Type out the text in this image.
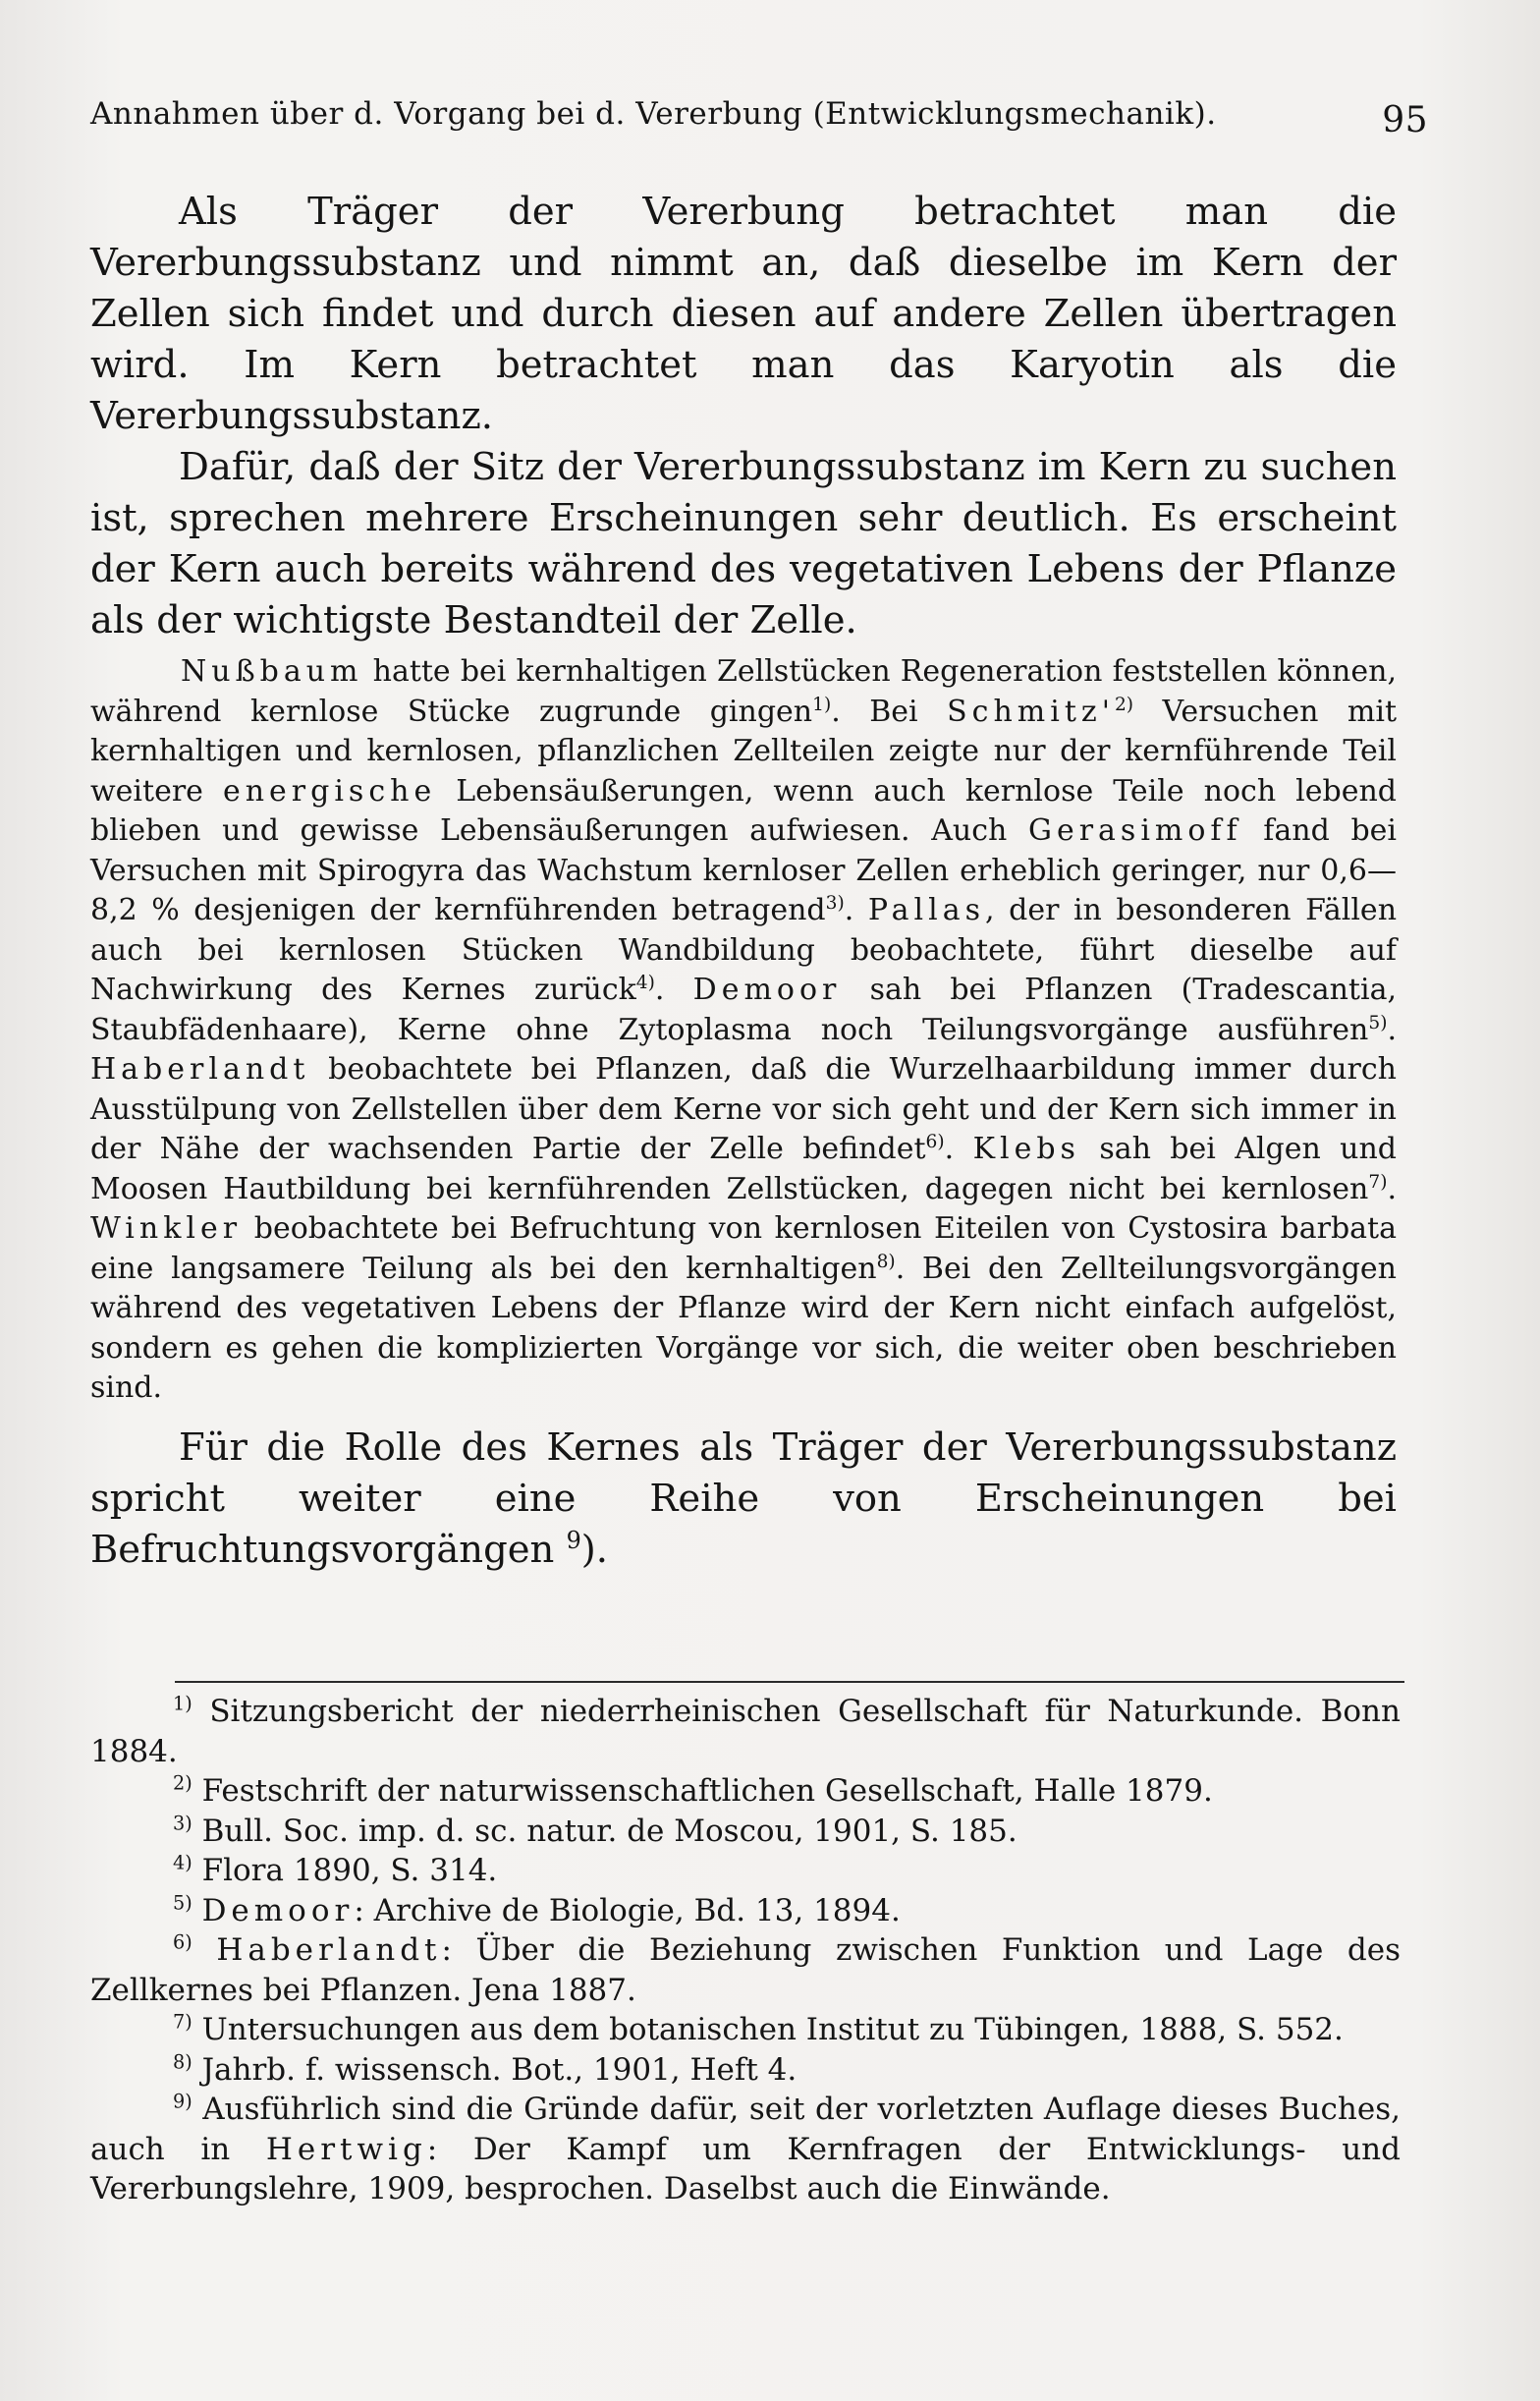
Annahmen über d. Vorgang bei d. Vererbung (Entwicklungsmechanik).	95

Als Träger der Vererbung betrachtet man die Vererbungssubstanz und nimmt an, daß dieselbe im Kern der Zellen sich findet und durch diesen auf andere Zellen übertragen wird. Im Kern betrachtet man das Karyotin als die Vererbungssubstanz.

Dafür, daß der Sitz der Vererbungssubstanz im Kern zu suchen ist, sprechen mehrere Erscheinungen sehr deutlich. Es erscheint der Kern auch bereits während des vegetativen Lebens der Pflanze als der wichtigste Bestandteil der Zelle.

Nußbaum hatte bei kernhaltigen Zellstücken Regeneration feststellen können, während kernlose Stücke zugrunde gingen$^{1)}$. Bei $Schmitz'^{2)}$ Versuchen mit kernhaltigen und kernlosen, pflanzlichen Zellteilen zeigte nur der kernführende Teil weitere energische Lebensäußerungen, wenn auch kernlose Teile noch lebend blieben und gewisse Lebensäußerungen aufwiesen. Auch Gerasimoff fand bei Versuchen mit Spirogyra das Wachstum kernloser Zellen erheblich geringer, nur 0,6—8,2 % desjenigen der kernführenden betragend$^{3)}$. Pallas, der in besonderen Fällen auch bei kernlosen Stücken Wandbildung beobachtete, führt dieselbe auf Nachwirkung des Kernes zurück$^{4)}$. Demoor sah bei Pflanzen (Tradescantia, Staubfädenhaare), Kerne ohne Zytoplasma noch Teilungsvorgänge ausführen$^{5)}$. Haberlandt beobachtete bei Pflanzen, daß die Wurzelhaarbildung immer durch Ausstülpung von Zellstellen über dem Kerne vor sich geht und der Kern sich immer in der Nähe der wachsenden Partie der Zelle befindet$^{6)}$. Klebs sah bei Algen und Moosen Hautbildung bei kernführenden Zellstücken, dagegen nicht bei kernlosen$^{7)}$. Winkler beobachtete bei Befruchtung von kernlosen Eiteilen von Cystosira barbata eine langsamere Teilung als bei den kernhaltigen$^{8)}$. Bei den Zellteilungsvorgängen während des vegetativen Lebens der Pflanze wird der Kern nicht einfach aufgelöst, sondern es gehen die komplizierten Vorgänge vor sich, die weiter oben beschrieben sind.

Für die Rolle des Kernes als Träger der Vererbungssubstanz spricht weiter eine Reihe von Erscheinungen bei Befruchtungsvorgängen $^9$).

$^{1)}$ Sitzungsbericht der niederrheinischen Gesellschaft für Naturkunde. Bonn 1884.

$^{2)}$ Festschrift der naturwissenschaftlichen Gesellschaft, Halle 1879.

$^{3)}$ Bull. Soc. imp. d. sc. natur. de Moscou, 1901, S. 185.

$^{4)}$ Flora 1890, S. 314.

$^{5)}$ Demoor: Archive de Biologie, Bd. 13, 1894.

$^{6)}$ Haberlandt: Über die Beziehung zwischen Funktion und Lage des Zellkernes bei Pflanzen. Jena 1887.

$^{7)}$ Untersuchungen aus dem botanischen Institut zu Tübingen, 1888, S. 552.

$^{8)}$ Jahrb. f. wissensch. Bot., 1901, Heft 4.

$^{9)}$ Ausführlich sind die Gründe dafür, seit der vorletzten Auflage dieses Buches, auch in Hertwig: Der Kampf um Kernfragen der Entwicklungs- und Vererbungslehre, 1909, besprochen. Daselbst auch die Einwände.
